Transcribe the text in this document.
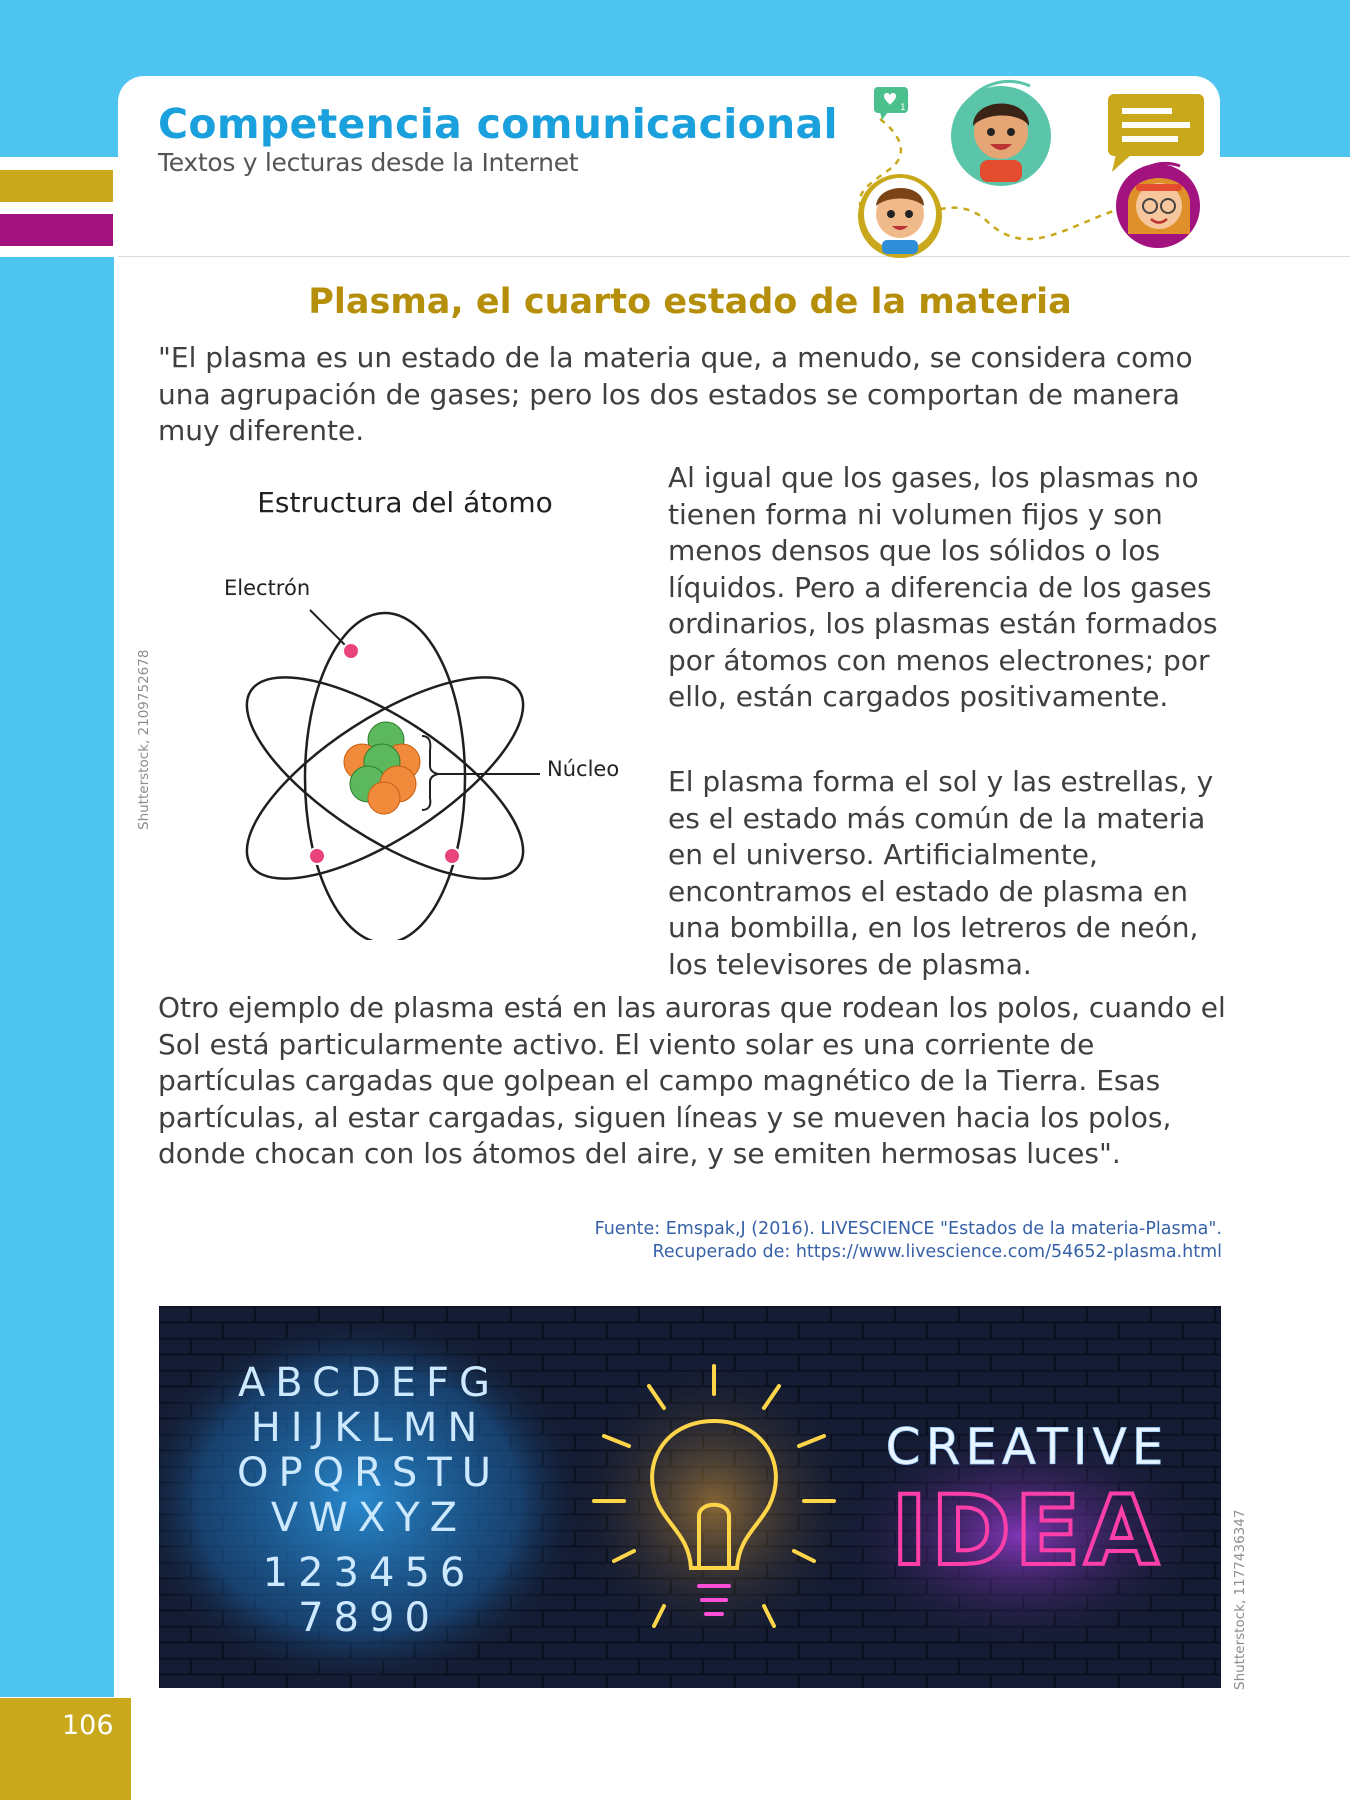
Competencia comunicacional
Textos y lecturas desde la Internet
1
Plasma, el cuarto estado de la materia

"El plasma es un estado de la materia que, a menudo, se considera como una agrupación de gases; pero los dos estados se comportan de manera muy diferente.

Al igual que los gases, los plasmas no tienen forma ni volumen fijos y son menos densos que los sólidos o los líquidos. Pero a diferencia de los gases ordinarios, los plasmas están formados por átomos con menos electrones; por ello, están cargados positivamente.

El plasma forma el sol y las estrellas, y es el estado más común de la materia en el universo. Artificialmente, encontramos el estado de plasma en una bombilla, en los letreros de neón, los televisores de plasma.

Otro ejemplo de plasma está en las auroras que rodean los polos, cuando el Sol está particularmente activo. El viento solar es una corriente de partículas cargadas que golpean el campo magnético de la Tierra. Esas partículas, al estar cargadas, siguen líneas y se mueven hacia los polos, donde chocan con los átomos del aire, y se emiten hermosas luces".

Fuente: Emspak,J (2016). LIVESCIENCE "Estados de la materia-Plasma".
Recuperado de: https://www.livescience.com/54652-plasma.html
Estructura del átomo
Electrón
Núcleo
Shutterstock, 2109752678
ABCDEFG
HIJKLMN
OPQRSTU
VWXYZ
123456
7890
CREATIVE
IDEA	Shutterstock, 1177436347
106
